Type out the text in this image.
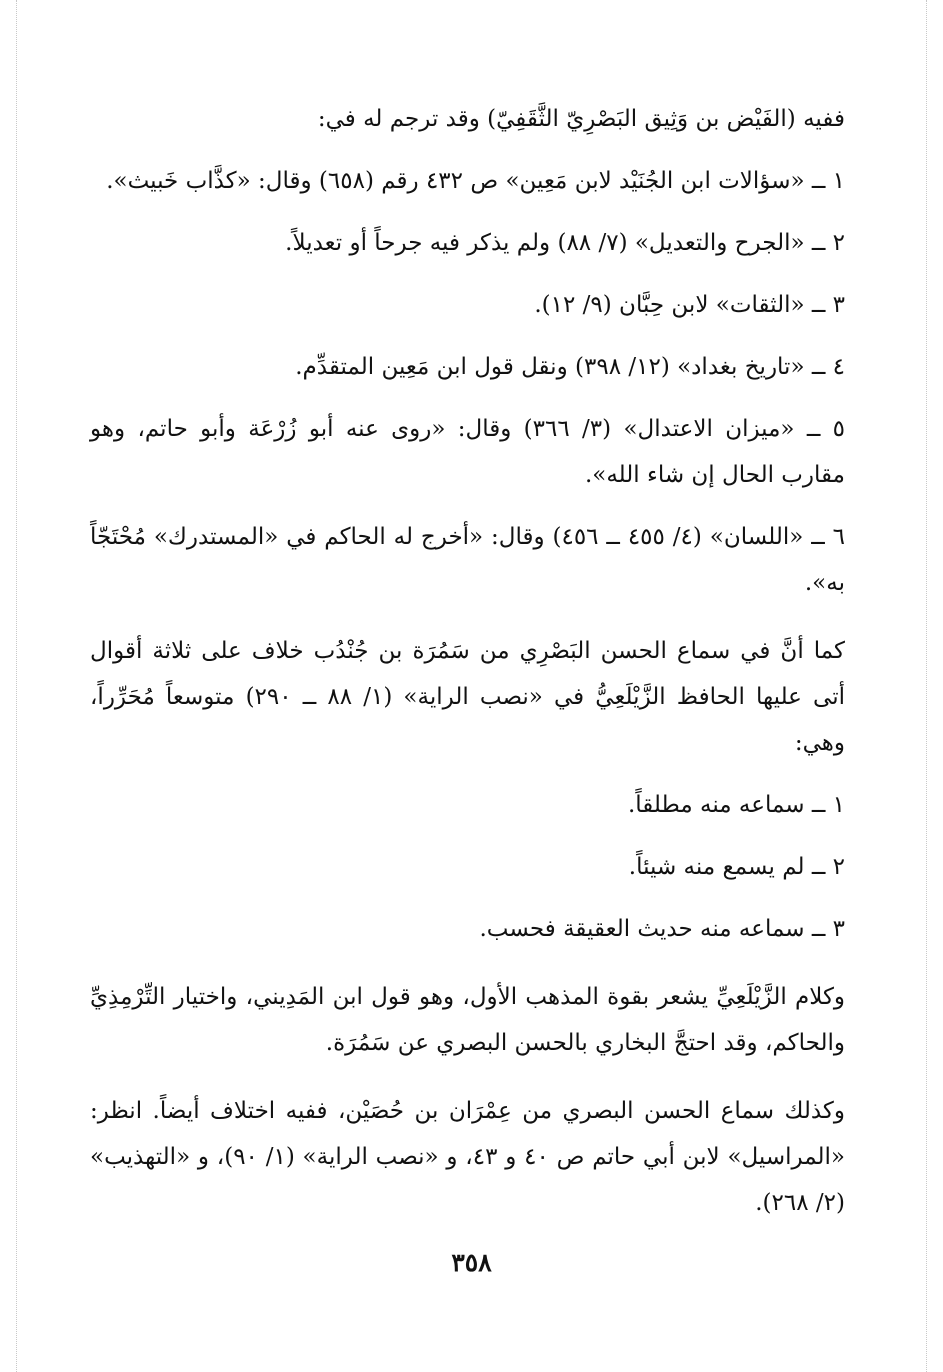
ففيه (الفَيْض بن وَثِيق البَصْرِيّ الثَّقَفِيّ) وقد ترجم له في:

١ ــ «سؤالات ابن الجُنَيْد لابن مَعِين» ص ٤٣٢ رقم (٦٥٨) وقال: «كذَّاب خَبيث».

٢ ــ «الجرح والتعديل» (٧/ ٨٨) ولم يذكر فيه جرحاً أو تعديلاً.

٣ ــ «الثقات» لابن حِبَّان (٩/ ١٢).

٤ ــ «تاريخ بغداد» (١٢/ ٣٩٨) ونقل قول ابن مَعِين المتقدِّم.

٥ ــ «ميزان الاعتدال» (٣/ ٣٦٦) وقال: «روى عنه أبو زُرْعَة وأبو حاتم، وهو مقارب الحال إن شاء الله».

٦ ــ «اللسان» (٤/ ٤٥٥ ــ ٤٥٦) وقال: «أخرج له الحاكم في «المستدرك» مُحْتَجّاً به».

كما أنَّ في سماع الحسن البَصْرِي من سَمُرَة بن جُنْدُب خلاف على ثلاثة أقوال أتى عليها الحافظ الزَّيْلَعِيُّ في «نصب الراية» (١/ ٨٨ ــ ٢٩٠) متوسعاً مُحَرِّراً، وهي:

١ ــ سماعه منه مطلقاً.

٢ ــ لم يسمع منه شيئاً.

٣ ــ سماعه منه حديث العقيقة فحسب.

وكلام الزَّيْلَعِيِّ يشعر بقوة المذهب الأول، وهو قول ابن المَدِيني، واختيار التِّرْمِذِيِّ والحاكم، وقد احتجَّ البخاري بالحسن البصري عن سَمُرَة.

وكذلك سماع الحسن البصري من عِمْرَان بن حُصَيْن، ففيه اختلاف أيضاً. انظر: «المراسيل» لابن أبي حاتم ص ٤٠ و ٤٣، و «نصب الراية» (١/ ٩٠)، و «التهذيب» (٢/ ٢٦٨).

٣٥٨
